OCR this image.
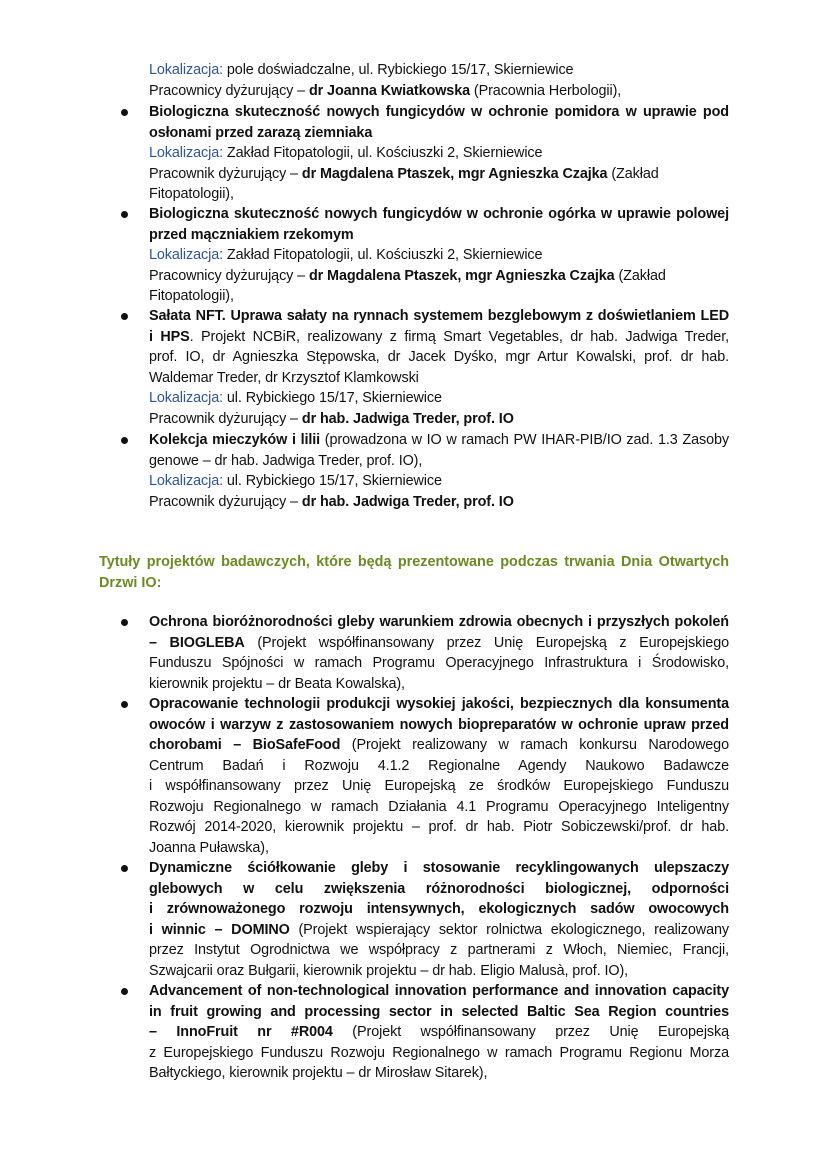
Lokalizacja: pole doświadczalne, ul. Rybickiego 15/17, Skierniewice
Pracownicy dyżurujący – dr Joanna Kwiatkowska (Pracownia Herbologii),
Biologiczna skuteczność nowych fungicydów w ochronie pomidora w uprawie pod
osłonami przed zarazą ziemniaka
Lokalizacja: Zakład Fitopatologii, ul. Kościuszki 2, Skierniewice
Pracownik dyżurujący – dr Magdalena Ptaszek, mgr Agnieszka Czajka (Zakład
Fitopatologii),
Biologiczna skuteczność nowych fungicydów w ochronie ogórka w uprawie polowej
przed mączniakiem rzekomym
Lokalizacja: Zakład Fitopatologii, ul. Kościuszki 2, Skierniewice
Pracownicy dyżurujący – dr Magdalena Ptaszek, mgr Agnieszka Czajka (Zakład
Fitopatologii),
Sałata NFT. Uprawa sałaty na rynnach systemem bezglebowym z doświetlaniem LED
i HPS. Projekt NCBiR, realizowany z firmą Smart Vegetables, dr hab. Jadwiga Treder,
prof. IO, dr Agnieszka Stępowska, dr Jacek Dyśko, mgr Artur Kowalski, prof. dr hab.
Waldemar Treder, dr Krzysztof Klamkowski
Lokalizacja: ul. Rybickiego 15/17, Skierniewice
Pracownik dyżurujący – dr hab. Jadwiga Treder, prof. IO
Kolekcja mieczyków i lilii (prowadzona w IO w ramach PW IHAR-PIB/IO zad. 1.3 Zasoby
genowe – dr hab. Jadwiga Treder, prof. IO),
Lokalizacja: ul. Rybickiego 15/17, Skierniewice
Pracownik dyżurujący – dr hab. Jadwiga Treder, prof. IO
Tytuły projektów badawczych, które będą prezentowane podczas trwania Dnia Otwartych
Drzwi IO:
Ochrona bioróżnorodności gleby warunkiem zdrowia obecnych i przyszłych pokoleń
– BIOGLEBA (Projekt współfinansowany przez Unię Europejską z Europejskiego
Funduszu Spójności w ramach Programu Operacyjnego Infrastruktura i Środowisko,
kierownik projektu – dr Beata Kowalska),
Opracowanie technologii produkcji wysokiej jakości, bezpiecznych dla konsumenta
owoców i warzyw z zastosowaniem nowych biopreparatów w ochronie upraw przed
chorobami – BioSafeFood (Projekt realizowany w ramach konkursu Narodowego
Centrum Badań i Rozwoju 4.1.2 Regionalne Agendy Naukowo Badawcze
i współfinansowany przez Unię Europejską ze środków Europejskiego Funduszu
Rozwoju Regionalnego w ramach Działania 4.1 Programu Operacyjnego Inteligentny
Rozwój 2014-2020, kierownik projektu – prof. dr hab. Piotr Sobiczewski/prof. dr hab.
Joanna Puławska),
Dynamiczne ściółkowanie gleby i stosowanie recyklingowanych ulepszaczy
glebowych w celu zwiększenia różnorodności biologicznej, odporności
i zrównoważonego rozwoju intensywnych, ekologicznych sadów owocowych
i winnic – DOMINO (Projekt wspierający sektor rolnictwa ekologicznego, realizowany
przez Instytut Ogrodnictwa we współpracy z partnerami z Włoch, Niemiec, Francji,
Szwajcarii oraz Bułgarii, kierownik projektu – dr hab. Eligio Malusà, prof. IO),
Advancement of non-technological innovation performance and innovation capacity
in fruit growing and processing sector in selected Baltic Sea Region countries
– InnoFruit nr #R004 (Projekt współfinansowany przez Unię Europejską
z Europejskiego Funduszu Rozwoju Regionalnego w ramach Programu Regionu Morza
Bałtyckiego, kierownik projektu – dr Mirosław Sitarek),
